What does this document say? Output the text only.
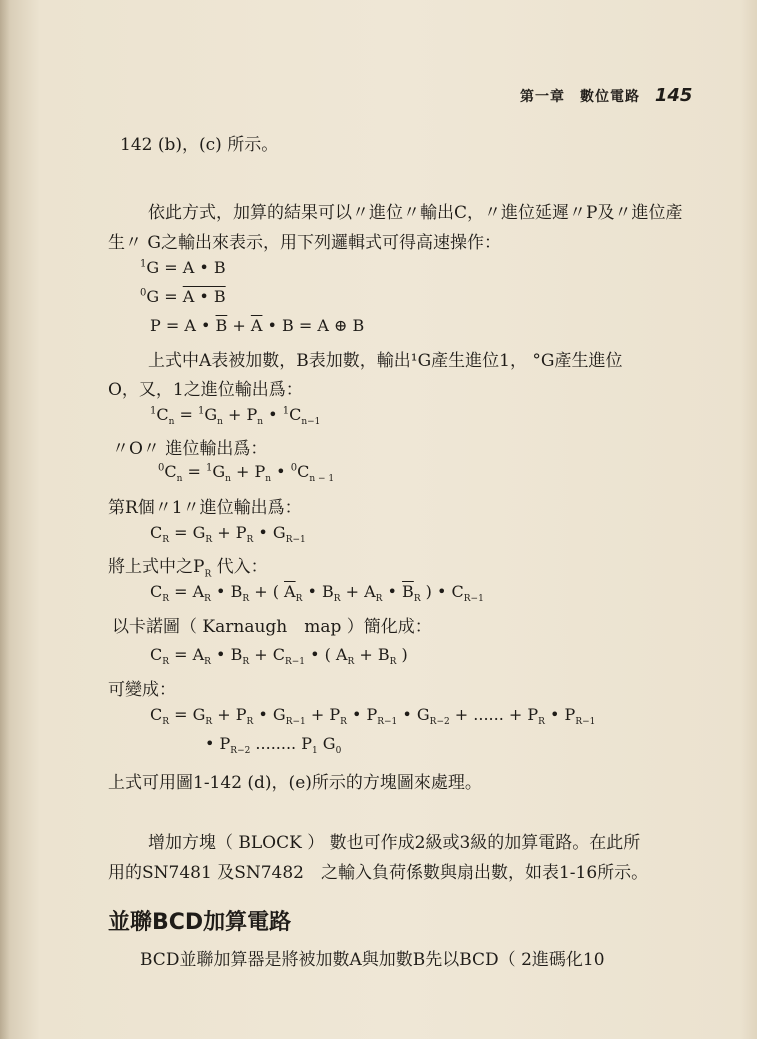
第一章　數位電路 145
142 (b)，(c) 所示。
依此方式，加算的結果可以〃進位〃輸出C，〃進位延遲〃P及〃進位產
生〃 G之輸出來表示，用下列邏輯式可得高速操作：
$^1$G = A • B
$^0$G = A • B
P = A • $\overline{B} + \overline{A}$ • B = A ⊕ B
上式中A表被加數，B表加數，輸出¹G產生進位1， °G產生進位
O，又，1之進位輸出爲：
$^1C_n = ^1G_n + P_n$ • $^1C_{n-1}$
〃O〃 進位輸出爲：
$^0C_n = ^1G_n + P_n$ • $^0C_{n - 1}$
第R個〃1〃進位輸出爲：
$C_R = G_R + P_R$ • $G_{R-1}$
將上式中之$P_R$ 代入：
$C_R = A_R$ • $B_R$ + ( $\overline{A}_R$ • $B_R + A_R$ • $\overline{B}_R$ ) • $C_{R-1}$
以卡諾圖（ Karnaugh　map ）簡化成：
$C_R = A_R$ • $B_R + C_{R-1}$ • ( $A_R + B_R$ )
可變成：
$C_R = G_R + P_R$ • $G_{R-1} + P_R$ • $P_{R-1}$ • $G_{R-2}$ + ...... + $P_R$ • $P_{R-1}$
• $P_{R-2}$ ........ $P_1$ $G_0$
上式可用圖1-142 (d)，(e)所示的方塊圖來處理。
增加方塊（ BLOCK ） 數也可作成2級或3級的加算電路。在此所
用的SN7481 及SN7482　之輸入負荷係數與扇出數，如表1-16所示。
並聯BCD加算電路
BCD並聯加算器是將被加數A與加數B先以BCD（ 2進碼化10
